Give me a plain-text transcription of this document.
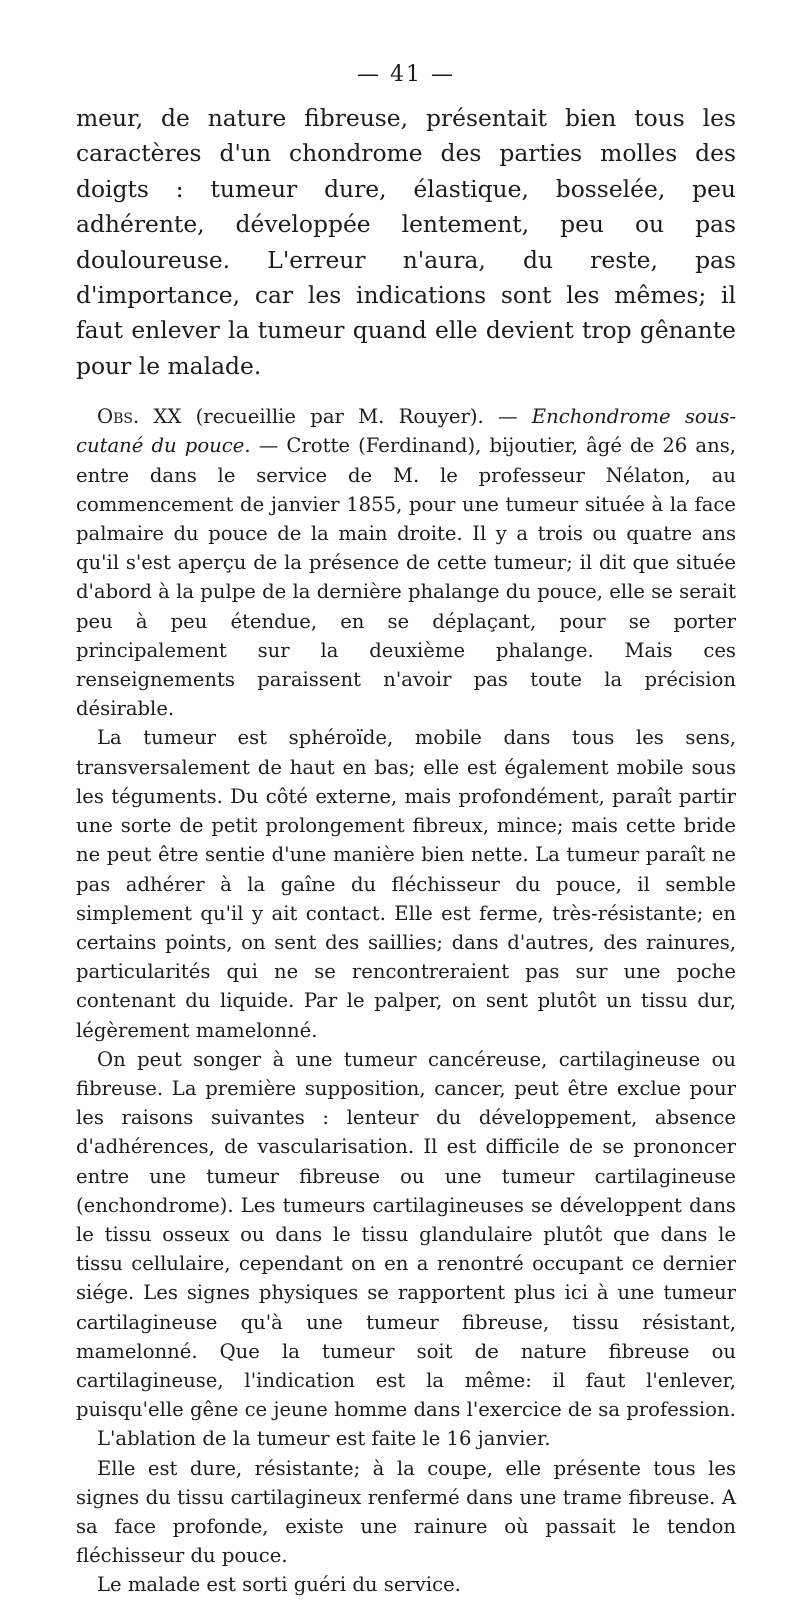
— 41 —

meur, de nature fibreuse, présentait bien tous les caractères d'un chondrome des parties molles des doigts : tumeur dure, élastique, bosselée, peu adhérente, développée lentement, peu ou pas douloureuse. L'erreur n'aura, du reste, pas d'importance, car les indications sont les mêmes; il faut enlever la tumeur quand elle devient trop gênante pour le malade.

Obs. XX (recueillie par M. Rouyer). — Enchondrome sous-cutané du pouce. — Crotte (Ferdinand), bijoutier, âgé de 26 ans, entre dans le service de M. le professeur Nélaton, au commencement de janvier 1855, pour une tumeur située à la face palmaire du pouce de la main droite. Il y a trois ou quatre ans qu'il s'est aperçu de la présence de cette tumeur; il dit que située d'abord à la pulpe de la dernière phalange du pouce, elle se serait peu à peu étendue, en se déplaçant, pour se porter principalement sur la deuxième phalange. Mais ces renseignements paraissent n'avoir pas toute la précision désirable.

La tumeur est sphéroïde, mobile dans tous les sens, transversalement de haut en bas; elle est également mobile sous les téguments. Du côté externe, mais profondément, paraît partir une sorte de petit prolongement fibreux, mince; mais cette bride ne peut être sentie d'une manière bien nette. La tumeur paraît ne pas adhérer à la gaîne du fléchisseur du pouce, il semble simplement qu'il y ait contact. Elle est ferme, très-résistante; en certains points, on sent des saillies; dans d'autres, des rainures, particularités qui ne se rencontreraient pas sur une poche contenant du liquide. Par le palper, on sent plutôt un tissu dur, légèrement mamelonné.

On peut songer à une tumeur cancéreuse, cartilagineuse ou fibreuse. La première supposition, cancer, peut être exclue pour les raisons suivantes : lenteur du développement, absence d'adhérences, de vascularisation. Il est difficile de se prononcer entre une tumeur fibreuse ou une tumeur cartilagineuse (enchondrome). Les tumeurs cartilagineuses se développent dans le tissu osseux ou dans le tissu glandulaire plutôt que dans le tissu cellulaire, cependant on en a renontré occupant ce dernier siége. Les signes physiques se rapportent plus ici à une tumeur cartilagineuse qu'à une tumeur fibreuse, tissu résistant, mamelonné. Que la tumeur soit de nature fibreuse ou cartilagineuse, l'indication est la même: il faut l'enlever, puisqu'elle gêne ce jeune homme dans l'exercice de sa profession.

L'ablation de la tumeur est faite le 16 janvier.

Elle est dure, résistante; à la coupe, elle présente tous les signes du tissu cartilagineux renfermé dans une trame fibreuse. A sa face profonde, existe une rainure où passait le tendon fléchisseur du pouce.

Le malade est sorti guéri du service.
